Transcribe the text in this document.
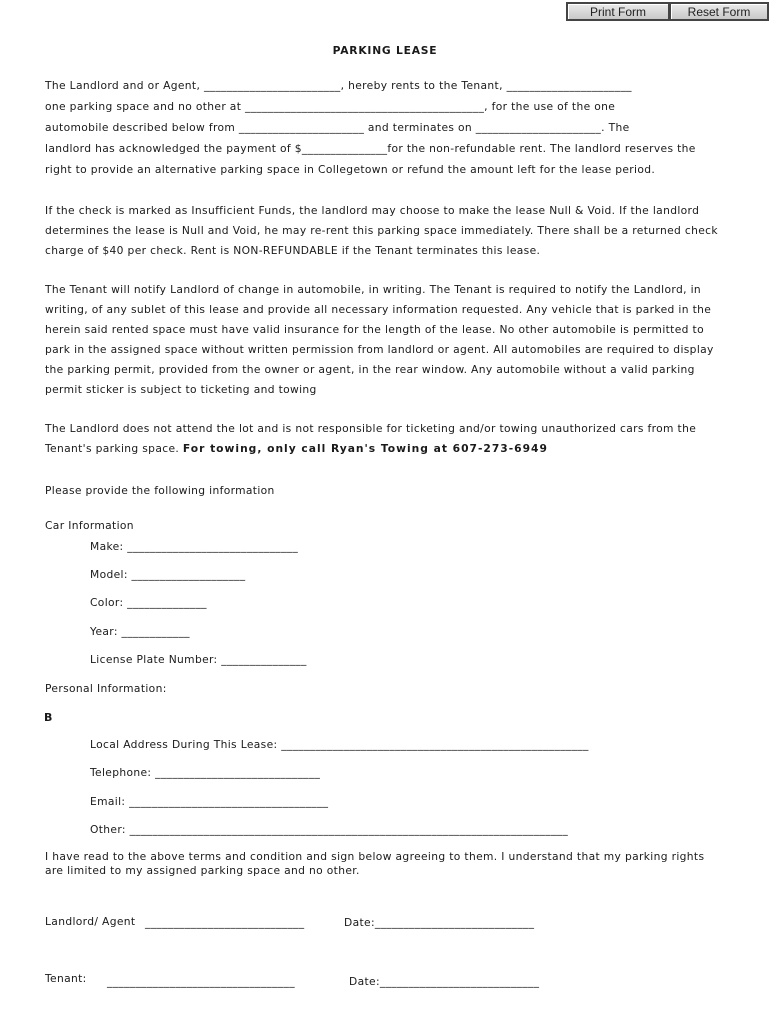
Print Form	Reset Form
PARKING LEASE
The Landlord and or Agent, ________________________, hereby rents to the Tenant, ______________________
one parking space and no other at __________________________________________, for the use of the one
automobile described below from ______________________ and terminates on ______________________. The
landlord has acknowledged the payment of $_______________for the non-refundable rent. The landlord reserves the
right to provide an alternative parking space in Collegetown or refund the amount left for the lease period.
If the check is marked as Insufficient Funds, the landlord may choose to make the lease Null & Void. If the landlord
determines the lease is Null and Void, he may re-rent this parking space immediately. There shall be a returned check
charge of $40 per check. Rent is NON-REFUNDABLE if the Tenant terminates this lease.
The Tenant will notify Landlord of change in automobile, in writing. The Tenant is required to notify the Landlord, in
writing, of any sublet of this lease and provide all necessary information requested. Any vehicle that is parked in the
herein said rented space must have valid insurance for the length of the lease. No other automobile is permitted to
park in the assigned space without written permission from landlord or agent. All automobiles are required to display
the parking permit, provided from the owner or agent, in the rear window. Any automobile without a valid parking
permit sticker is subject to ticketing and towing
The Landlord does not attend the lot and is not responsible for ticketing and/or towing unauthorized cars from the
Tenant's parking space. For towing, only call Ryan's Towing at 607-273-6949
Please provide the following information
Car Information
Make: ______________________________
Model: ____________________
Color: ______________
Year: ____________
License Plate Number: _______________
Personal Information:
B
Local Address During This Lease: ______________________________________________________
Telephone: _____________________________
Email: ___________________________________
Other: _____________________________________________________________________________
I have read to the above terms and condition and sign below agreeing to them. I understand that my parking rights
are limited to my assigned parking space and no other.
Landlord/ Agent ____________________________	Date:____________________________
Tenant: _________________________________	Date:____________________________
